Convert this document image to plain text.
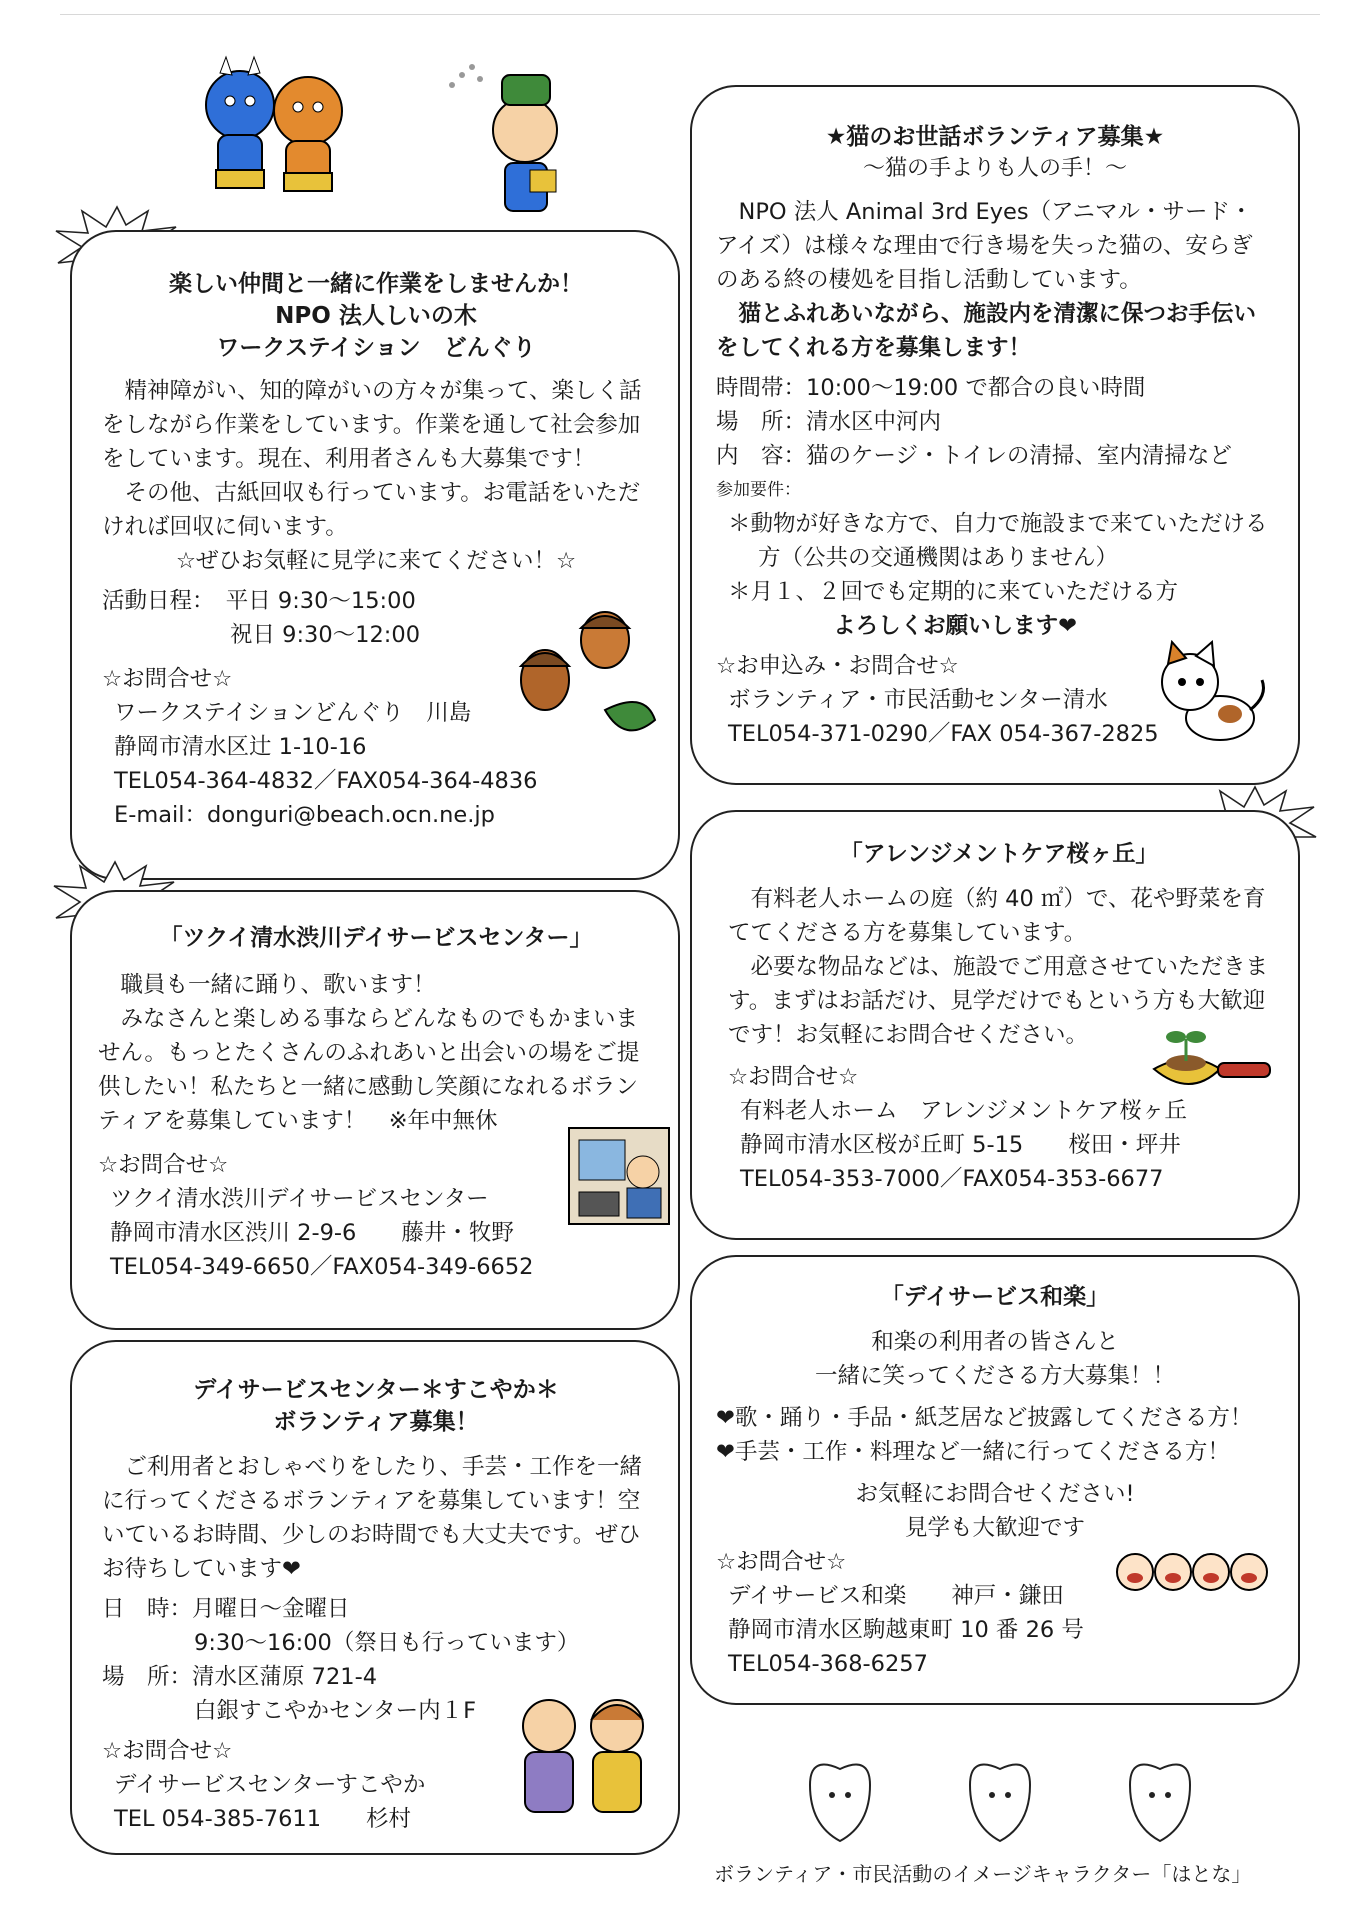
楽しい仲間と一緒に作業をしませんか！
NPO 法人しいの木
ワークステイション　どんぐり

精神障がい、知的障がいの方々が集って、楽しく話をしながら作業をしています。作業を通して社会参加をしています。現在、利用者さんも大募集です！

その他、古紙回収も行っています。お電話をいただければ回収に伺います。

☆ぜひお気軽に見学に来てください！☆

活動日程：　平日 9:30〜15:00
祝日 9:30〜12:00
☆お問合せ☆
ワークステイションどんぐり　川島
静岡市清水区辻 1-10-16
TEL054-364-4832／FAX054-364-4836
E-mail：donguri@beach.ocn.ne.jp
★猫のお世話ボランティア募集★
〜猫の手よりも人の手！〜

NPO 法人 Animal 3rd Eyes（アニマル・サード・アイズ）は様々な理由で行き場を失った猫の、安らぎのある終の棲処を目指し活動しています。

猫とふれあいながら、施設内を清潔に保つお手伝いをしてくれる方を募集します！

時間帯：10:00〜19:00 で都合の良い時間
場　所：清水区中河内
内　容：猫のケージ・トイレの清掃、室内清掃など
参加要件：
＊動物が好きな方で、自力で施設まで来ていただける
方（公共の交通機関はありません）
＊月１、２回でも定期的に来ていただける方
よろしくお願いします❤
☆お申込み・お問合せ☆
ボランティア・市民活動センター清水
TEL054-371-0290／FAX 054-367-2825
「ツクイ清水渋川デイサービスセンター」

職員も一緒に踊り、歌います！

みなさんと楽しめる事ならどんなものでもかまいません。もっとたくさんのふれあいと出会いの場をご提供したい！私たちと一緒に感動し笑顔になれるボランティアを募集しています！　※年中無休

☆お問合せ☆
ツクイ清水渋川デイサービスセンター
静岡市清水区渋川 2-9-6　　藤井・牧野
TEL054-349-6650／FAX054-349-6652
「アレンジメントケア桜ヶ丘」

有料老人ホームの庭（約 40 ㎡）で、花や野菜を育ててくださる方を募集しています。

必要な物品などは、施設でご用意させていただきます。まずはお話だけ、見学だけでもという方も大歓迎です！お気軽にお問合せください。

☆お問合せ☆
有料老人ホーム　アレンジメントケア桜ヶ丘
静岡市清水区桜が丘町 5-15　　桜田・坪井
TEL054-353-7000／FAX054-353-6677
デイサービスセンター＊すこやか＊
ボランティア募集！

ご利用者とおしゃべりをしたり、手芸・工作を一緒に行ってくださるボランティアを募集しています！空いているお時間、少しのお時間でも大丈夫です。ぜひお待ちしています❤

日　時：月曜日〜金曜日
9:30〜16:00（祭日も行っています）
場　所：清水区蒲原 721-4
白銀すこやかセンター内１F
☆お問合せ☆
デイサービスセンターすこやか
TEL 054-385-7611　　杉村
「デイサービス和楽」
和楽の利用者の皆さんと
一緒に笑ってくださる方大募集！！
❤歌・踊り・手品・紙芝居など披露してくださる方！
❤手芸・工作・料理など一緒に行ってくださる方！
お気軽にお問合せください!
見学も大歓迎です
☆お問合せ☆
デイサービス和楽　　神戸・鎌田
静岡市清水区駒越東町 10 番 26 号
TEL054-368-6257
ボランティア・市民活動のイメージキャラクター「はとな」
